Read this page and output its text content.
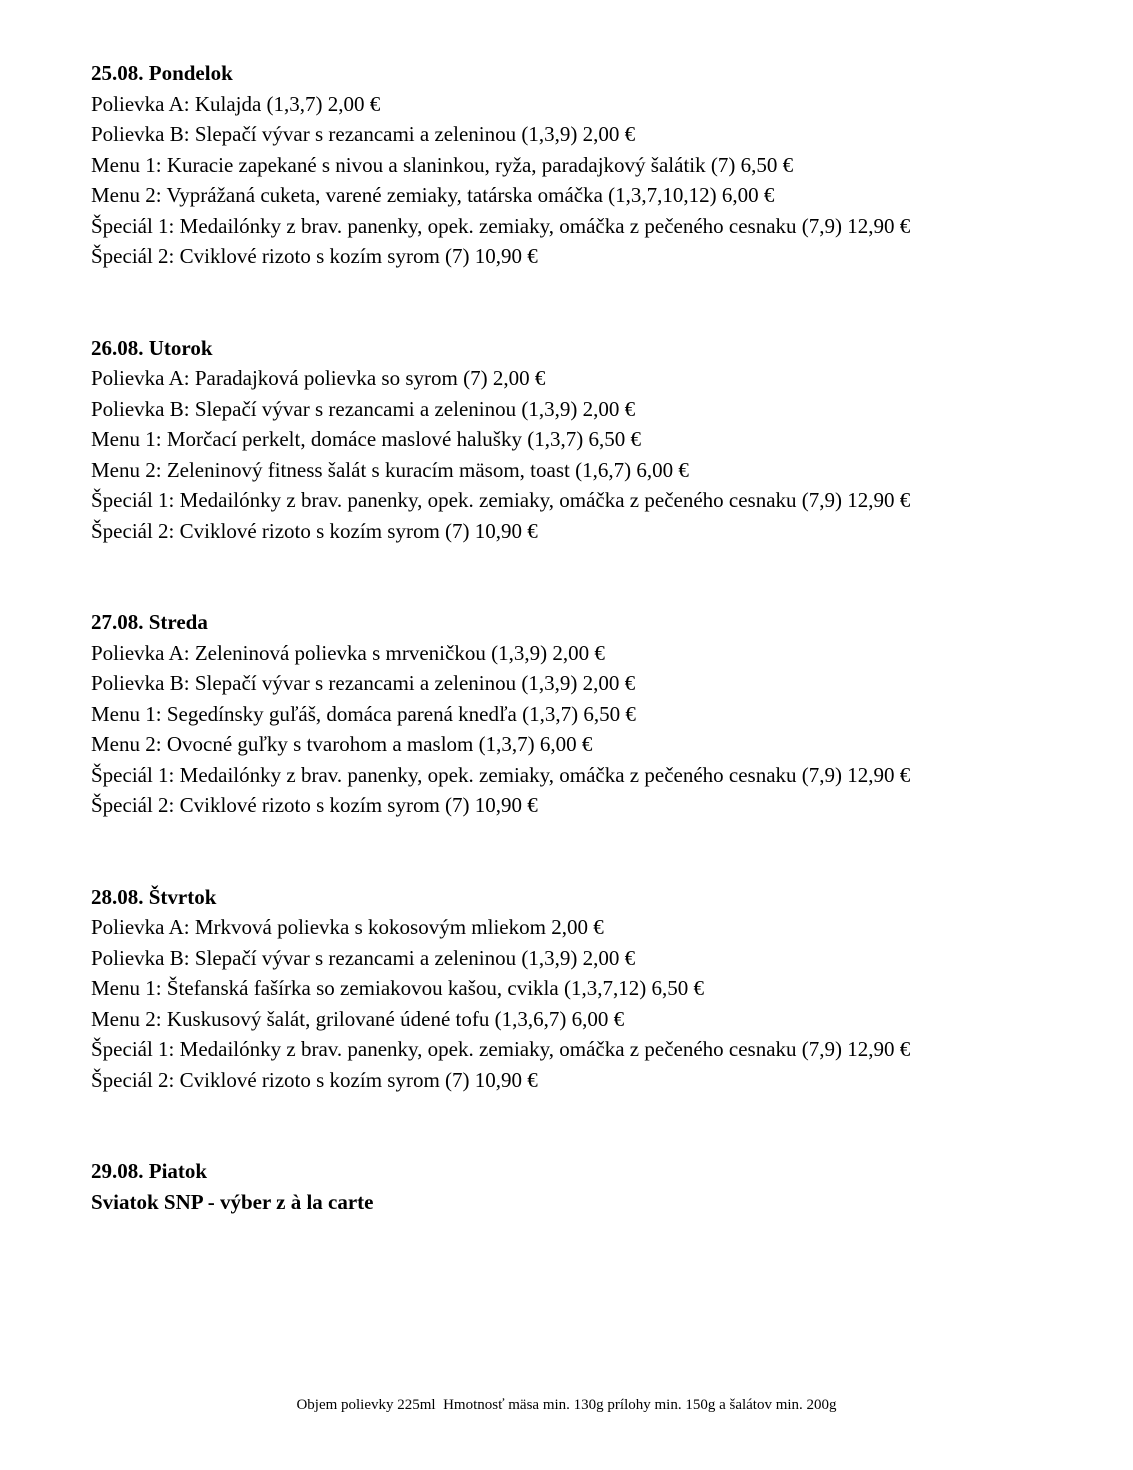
25.08. Pondelok

Polievka A: Kulajda (1,3,7) 2,00 €

Polievka B: Slepačí vývar s rezancami a zeleninou (1,3,9) 2,00 €

Menu 1: Kuracie zapekané s nivou a slaninkou, ryža, paradajkový šalátik (7) 6,50 €

Menu 2: Vyprážaná cuketa, varené zemiaky, tatárska omáčka (1,3,7,10,12) 6,00 €

Špeciál 1: Medailónky z brav. panenky, opek. zemiaky, omáčka z pečeného cesnaku (7,9) 12,90 €

Špeciál 2: Cviklové rizoto s kozím syrom (7) 10,90 €

26.08. Utorok

Polievka A: Paradajková polievka so syrom (7) 2,00 €

Polievka B: Slepačí vývar s rezancami a zeleninou (1,3,9) 2,00 €

Menu 1: Morčací perkelt, domáce maslové halušky (1,3,7) 6,50 €

Menu 2: Zeleninový fitness šalát s kuracím mäsom, toast (1,6,7) 6,00 €

Špeciál 1: Medailónky z brav. panenky, opek. zemiaky, omáčka z pečeného cesnaku (7,9) 12,90 €

Špeciál 2: Cviklové rizoto s kozím syrom (7) 10,90 €

27.08. Streda

Polievka A: Zeleninová polievka s mrveničkou (1,3,9) 2,00 €

Polievka B: Slepačí vývar s rezancami a zeleninou (1,3,9) 2,00 €

Menu 1: Segedínsky guľáš, domáca parená knedľa (1,3,7) 6,50 €

Menu 2: Ovocné guľky s tvarohom a maslom (1,3,7) 6,00 €

Špeciál 1: Medailónky z brav. panenky, opek. zemiaky, omáčka z pečeného cesnaku (7,9) 12,90 €

Špeciál 2: Cviklové rizoto s kozím syrom (7) 10,90 €

28.08. Štvrtok

Polievka A: Mrkvová polievka s kokosovým mliekom 2,00 €

Polievka B: Slepačí vývar s rezancami a zeleninou (1,3,9) 2,00 €

Menu 1: Štefanská fašírka so zemiakovou kašou, cvikla (1,3,7,12) 6,50 €

Menu 2: Kuskusový šalát, grilované údené tofu (1,3,6,7) 6,00 €

Špeciál 1: Medailónky z brav. panenky, opek. zemiaky, omáčka z pečeného cesnaku (7,9) 12,90 €

Špeciál 2: Cviklové rizoto s kozím syrom (7) 10,90 €

29.08. Piatok

Sviatok SNP - výber z à la carte

Objem polievky 225ml  Hmotnosť mäsa min. 130g prílohy min. 150g a šalátov min. 200g
